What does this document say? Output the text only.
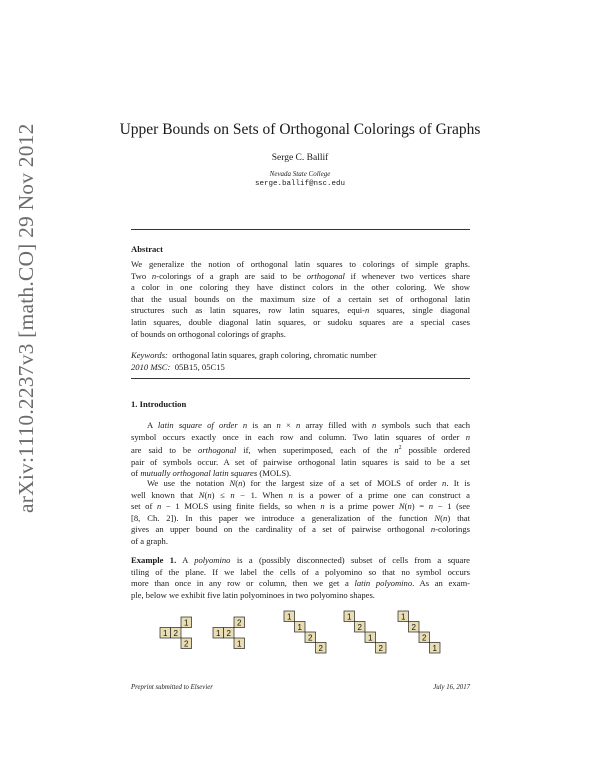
arXiv:1110.2237v3 [math.CO] 29 Nov 2012	Upper Bounds on Sets of Orthogonal Colorings of Graphs
Serge C. Ballif
Nevada State College
serge.ballif@nsc.edu
Abstract
We generalize the notion of orthogonal latin squares to colorings of simple graphs.
Two n-colorings of a graph are said to be orthogonal if whenever two vertices share
a color in one coloring they have distinct colors in the other coloring. We show
that the usual bounds on the maximum size of a certain set of orthogonal latin
structures such as latin squares, row latin squares, equi-n squares, single diagonal
latin squares, double diagonal latin squares, or sudoku squares are a special cases
of bounds on orthogonal colorings of graphs.
Keywords: orthogonal latin squares, graph coloring, chromatic number
2010 MSC: 05B15, 05C15
1. Introduction
A latin square of order n is an n × n array filled with n symbols such that each
symbol occurs exactly once in each row and column. Two latin squares of order n
are said to be orthogonal if, when superimposed, each of the $n^2$ possible ordered
pair of symbols occur. A set of pairwise orthogonal latin squares is said to be a set
of mutually orthogonal latin squares (MOLS).
We use the notation N(n) for the largest size of a set of MOLS of order n. It is
well known that N(n) ≤ n − 1. When n is a power of a prime one can construct a
set of n − 1 MOLS using finite fields, so when n is a prime power N(n) = n − 1 (see
[8, Ch. 2]). In this paper we introduce a generalization of the function N(n) that
gives an upper bound on the cardinality of a set of pairwise orthogonal n-colorings
of a graph.
Example 1. A polyomino is a (possibly disconnected) subset of cells from a square
tiling of the plane. If we label the cells of a polyomino so that no symbol occurs
more than once in any row or column, then we get a latin polyomino. As an exam-
ple, below we exhibit five latin polyominoes in two polyomino shapes.
1
1 2
2
2
1 2
1
1
1
2
2
1
2
1
2
1
2
2
1
Preprint submitted to Elsevier	July 16, 2017
